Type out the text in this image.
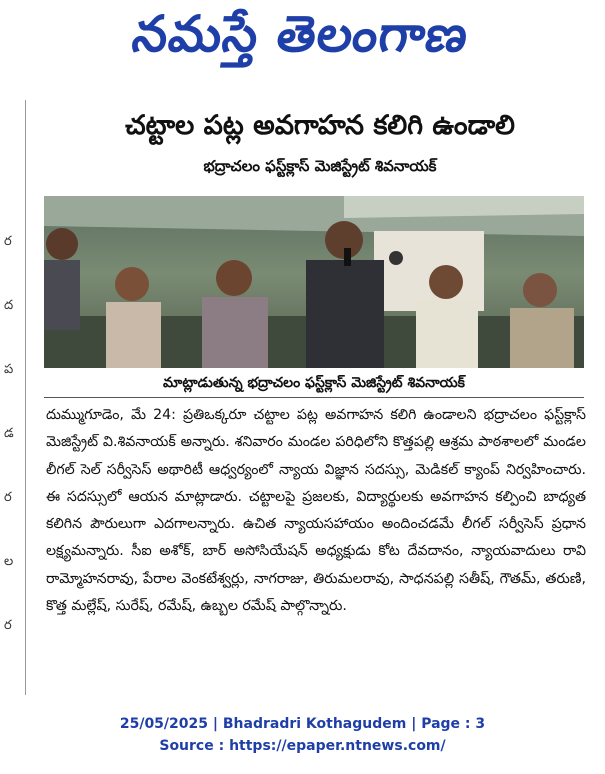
నమస్తే తెలంగాణ
ర
ద
ప
డ
ర
ల
ర
చట్టాల పట్ల అవగాహన కలిగి ఉండాలి
భద్రాచలం ఫస్ట్‌క్లాస్ మెజిస్ట్రేట్ శివనాయక్
మాట్లాడుతున్న భద్రాచలం ఫస్ట్‌క్లాస్ మెజిస్ట్రేట్ శివనాయక్
దుమ్ముగూడెం, మే 24: ప్రతిఒక్కరూ చట్టాల పట్ల అవగాహన కలిగి ఉండాలని భద్రాచలం ఫస్ట్‌క్లాస్ మెజిస్ట్రేట్ వి.శివనాయక్ అన్నారు. శనివారం మండల పరిధిలోని కొత్తపల్లి ఆశ్రమ పాఠశాలలో మండల లీగల్ సెల్ సర్వీసెస్ అథారిటీ ఆధ్వర్యంలో న్యాయ విజ్ఞాన సదస్సు, మెడికల్ క్యాంప్ నిర్వహించారు. ఈ సదస్సులో ఆయన మాట్లాడారు. చట్టాలపై ప్రజలకు, విద్యార్థులకు అవగాహన కల్పించి బాధ్యత కలిగిన పౌరులుగా ఎదగాలన్నారు. ఉచిత న్యాయసహాయం అందించడమే లీగల్ సర్వీసెస్ ప్రధాన లక్ష్యమన్నారు. సీఐ అశోక్, బార్ అసోసియేషన్ అధ్యక్షుడు కోట దేవదానం, న్యాయవాదులు రావి రామ్మోహనరావు, పేరాల వెంకటేశ్వర్లు, నాగరాజు, తిరుమలరావు, సాధనపల్లి సతీష్, గౌతమ్, తరుణి, కొత్త మల్లేష్, సురేష్, రమేష్, ఉబ్బల రమేష్ పాల్గొన్నారు.
25/05/2025 | Bhadradri Kothagudem | Page : 3
Source : https://epaper.ntnews.com/
